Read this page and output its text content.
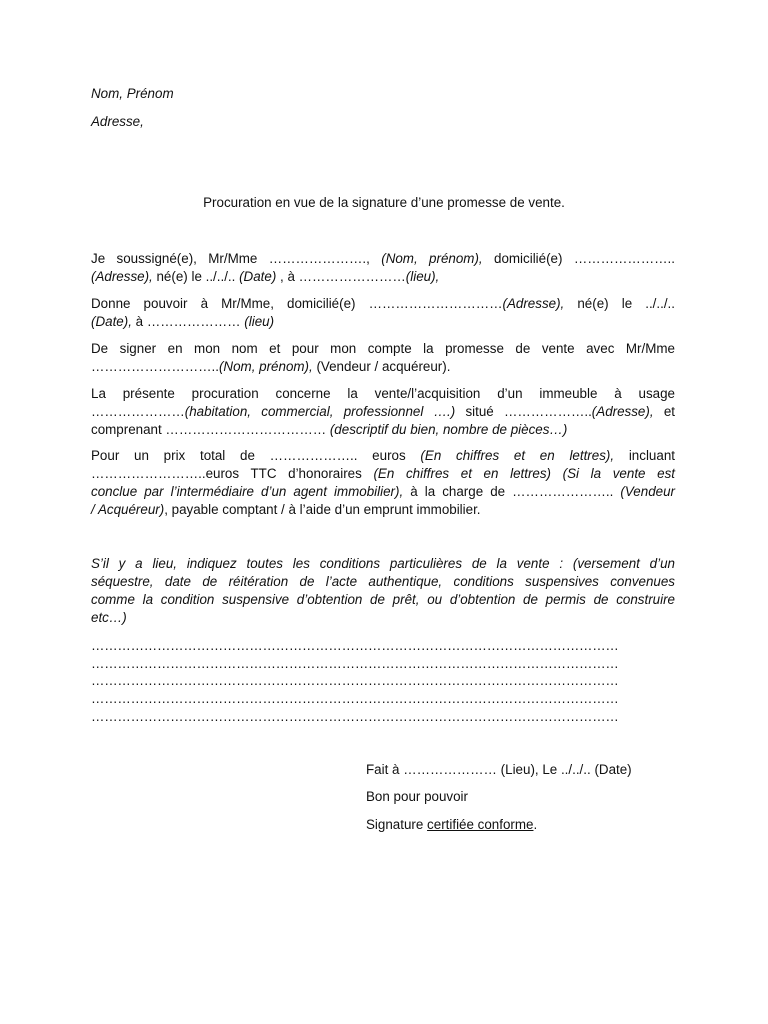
Nom, Prénom
Adresse,
Procuration en vue de la signature d’une promesse de vente.
Je soussigné(e), Mr/Mme …………………., (Nom, prénom), domicilié(e) …………………..
(Adresse), né(e) le ../../.. (Date) , à ……………………(lieu),
Donne pouvoir à Mr/Mme, domicilié(e) …………………………(Adresse), né(e) le ../../..
(Date), à ………………… (lieu)
De signer en mon nom et pour mon compte la promesse de vente avec Mr/Mme
………………………..(Nom, prénom), (Vendeur / acquéreur).
La présente procuration concerne la vente/l’acquisition d’un immeuble à usage
…………………(habitation, commercial, professionnel ….) situé ………………..(Adresse), et
comprenant ……………………………… (descriptif du bien, nombre de pièces…)
Pour un prix total de ……………….. euros (En chiffres et en lettres), incluant
……………………..euros TTC d’honoraires (En chiffres et en lettres) (Si la vente est
conclue par l’intermédiaire d’un agent immobilier), à la charge de ………………….. (Vendeur
/ Acquéreur), payable comptant / à l’aide d’un emprunt immobilier.
S’il y a lieu, indiquez toutes les conditions particulières de la vente : (versement d’un
séquestre, date de réitération de l’acte authentique, conditions suspensives convenues
comme la condition suspensive d’obtention de prêt, ou d’obtention de permis de construire
etc…)
…………………………………………………………………………………………………………
…………………………………………………………………………………………………………
…………………………………………………………………………………………………………
…………………………………………………………………………………………………………
…………………………………………………………………………………………………………
Fait à ………………… (Lieu), Le ../../.. (Date)
Bon pour pouvoir
Signature certifiée conforme.
